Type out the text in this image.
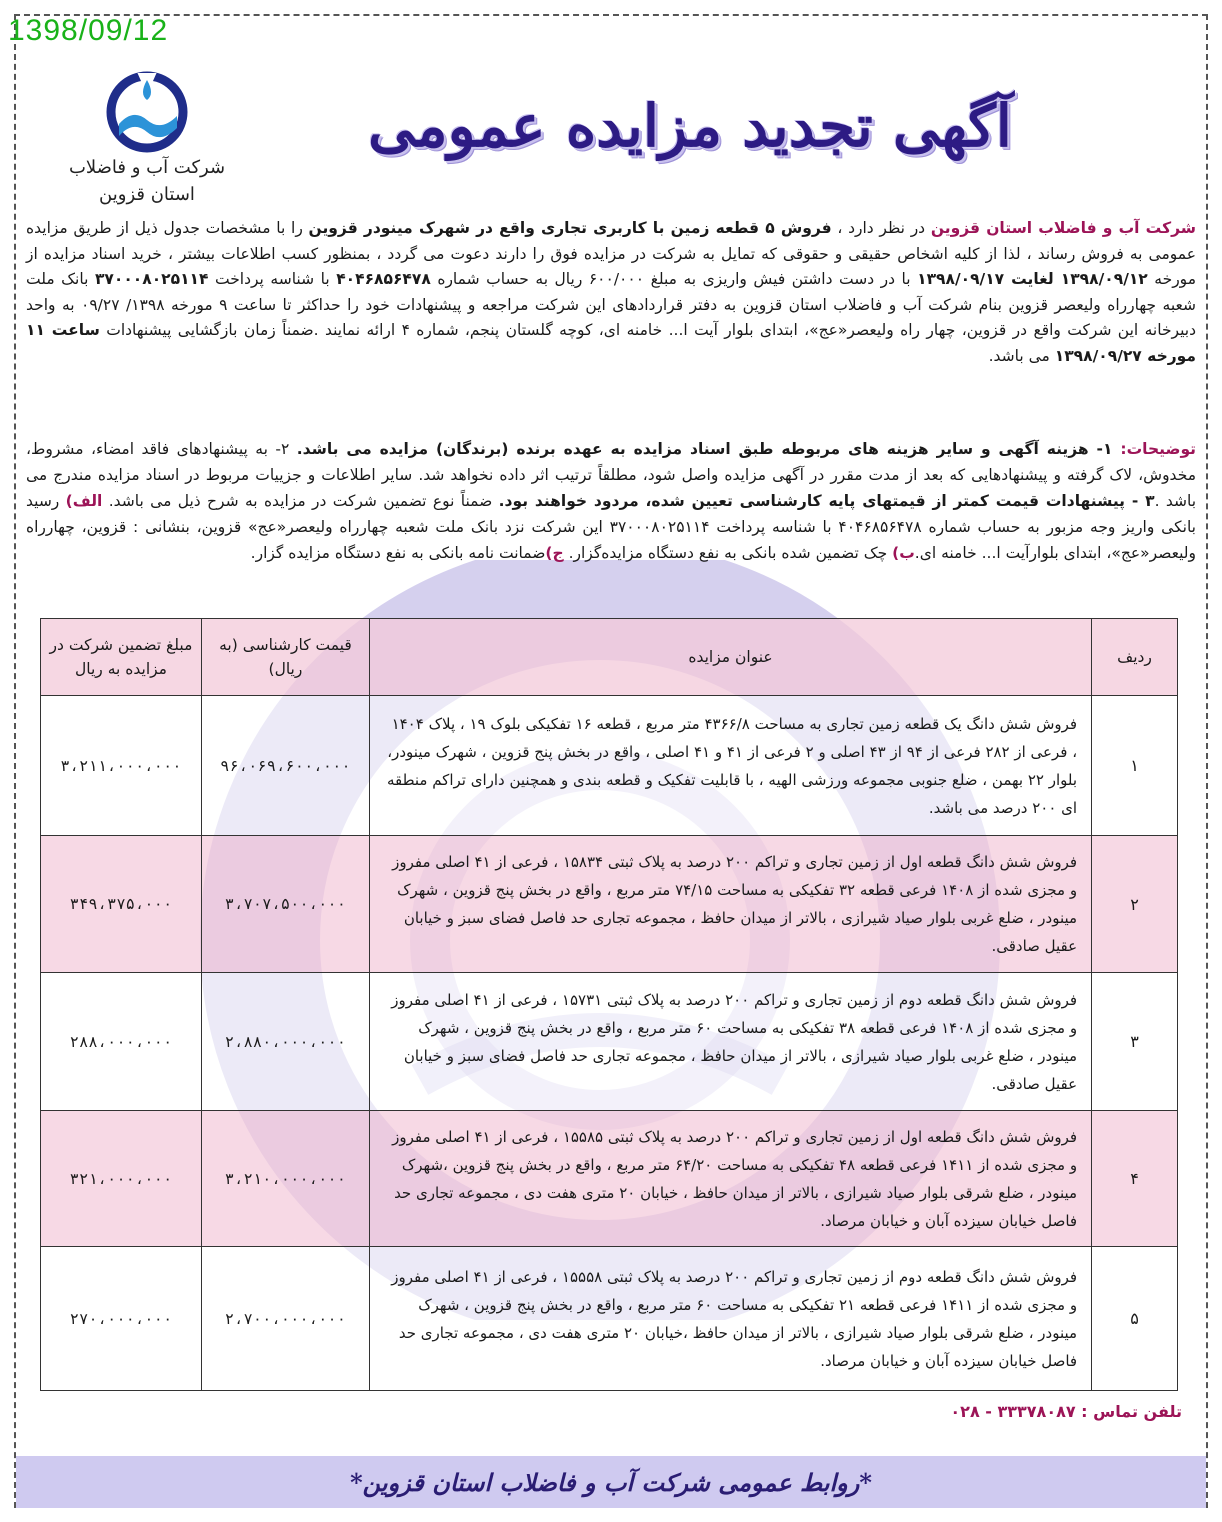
1398/09/12
شرکت آب و فاضلاب
استان قزوین
آگهی تجدید مزایده عمومی
شرکت آب و فاضلاب استان قزوین در نظر دارد ، فروش ۵ قطعه زمین با کاربری تجاری واقع در شهرک مینودر قزوین را با مشخصات جدول ذیل از طریق مزایده عمومی به فروش رساند ، لذا از کلیه اشخاص حقیقی و حقوقی که تمایل به شرکت در مزایده فوق را دارند دعوت می گردد ، بمنظور کسب اطلاعات بیشتر ، خرید اسناد مزایده از مورخه ۱۳۹۸/۰۹/۱۲ لغایت ۱۳۹۸/۰۹/۱۷ با در دست داشتن فیش واریزی به مبلغ ۶۰۰/۰۰۰ ریال به حساب شماره ۴۰۴۶۸۵۶۴۷۸ با شناسه پرداخت ۳۷۰۰۰۸۰۲۵۱۱۴ بانک ملت شعبه چهارراه ولیعصر قزوین بنام شرکت آب و فاضلاب استان قزوین به دفتر قراردادهای این شرکت مراجعه و پیشنهادات خود را حداکثر تا ساعت ۹ مورخه ۱۳۹۸/ ۰۹/۲۷ به واحد دبیرخانه این شرکت واقع در قزوین، چهار راه ولیعصر«عج»، ابتدای بلوار آیت ا... خامنه ای، کوچه گلستان پنجم، شماره ۴ ارائه نمایند .ضمناً زمان بازگشایی پیشنهادات ساعت ۱۱ مورخه ۱۳۹۸/۰۹/۲۷ می باشد.
توضیحات: ۱- هزینه آگهی و سایر هزینه های مربوطه طبق اسناد مزایده به عهده برنده (برندگان) مزایده می باشد. ۲- به پیشنهادهای فاقد امضاء، مشروط، مخدوش، لاک گرفته و پیشنهادهایی که بعد از مدت مقرر در آگهی مزایده واصل شود، مطلقاً ترتیب اثر داده نخواهد شد. سایر اطلاعات و جزییات مربوط در اسناد مزایده مندرج می باشد .۳ - پیشنهادات قیمت کمتر از قیمتهای پایه کارشناسی تعیین شده، مردود خواهند بود. ضمناً نوع تضمین شرکت در مزایده به شرح ذیل می باشد. الف) رسید بانکی واریز وجه مزبور به حساب شماره ۴۰۴۶۸۵۶۴۷۸ با شناسه پرداخت ۳۷۰۰۰۸۰۲۵۱۱۴ این شرکت نزد بانک ملت شعبه چهارراه ولیعصر«عج» قزوین، بنشانی : قزوین، چهارراه ولیعصر«عج»، ابتدای بلوارآیت ا... خامنه ای.ب) چک تضمین شده بانکی به نفع دستگاه مزایده‌گزار. ج)ضمانت نامه بانکی به نفع دستگاه مزایده گزار.
ردیف	عنوان مزایده	قیمت کارشناسی (به ریال)	مبلغ تضمین شرکت در مزایده به ریال
۱	فروش شش دانگ یک قطعه زمین تجاری به مساحت ۴۳۶۶/۸ متر مربع ، قطعه ۱۶ تفکیکی بلوک ۱۹ ، پلاک ۱۴۰۴ ، فرعی از ۲۸۲ فرعی از ۹۴ از ۴۳ اصلی و ۲ فرعی از ۴۱ و ۴۱ اصلی ، واقع در بخش پنج قزوین ، شهرک مینودر، بلوار ۲۲ بهمن ، ضلع جنوبی مجموعه ورزشی الهیه ، با قابلیت تفکیک و قطعه بندی و همچنین دارای تراکم منطقه ای ۲۰۰ درصد می باشد.	۹۶،۰۶۹،۶۰۰،۰۰۰	۳،۲۱۱،۰۰۰،۰۰۰
۲	فروش شش دانگ قطعه اول از زمین تجاری و تراکم ۲۰۰ درصد به پلاک ثبتی ۱۵۸۳۴ ، فرعی از ۴۱ اصلی مفروز و مجزی شده از ۱۴۰۸ فرعی قطعه ۳۲ تفکیکی به مساحت ۷۴/۱۵ متر مربع ، واقع در بخش پنج قزوین ، شهرک مینودر ، ضلع غربی بلوار صیاد شیرازی ، بالاتر از میدان حافظ ، مجموعه تجاری حد فاصل فضای سبز و خیابان عقیل صادقی.	۳،۷۰۷،۵۰۰،۰۰۰	۳۴۹،۳۷۵،۰۰۰
۳	فروش شش دانگ قطعه دوم از زمین تجاری و تراکم ۲۰۰ درصد به پلاک ثبتی ۱۵۷۳۱ ، فرعی از ۴۱ اصلی مفروز و مجزی شده از ۱۴۰۸ فرعی قطعه ۳۸ تفکیکی به مساحت ۶۰ متر مربع ، واقع در بخش پنج قزوین ، شهرک مینودر ، ضلع غربی بلوار صیاد شیرازی ، بالاتر از میدان حافظ ، مجموعه تجاری حد فاصل فضای سبز و خیابان عقیل صادقی.	۲،۸۸۰،۰۰۰،۰۰۰	۲۸۸،۰۰۰،۰۰۰
۴	فروش شش دانگ قطعه اول از زمین تجاری و تراکم ۲۰۰ درصد به پلاک ثبتی ۱۵۵۸۵ ، فرعی از ۴۱ اصلی مفروز و مجزی شده از ۱۴۱۱ فرعی قطعه ۴۸ تفکیکی به مساحت ۶۴/۲۰ متر مربع ، واقع در بخش پنج قزوین ،شهرک مینودر ، ضلع شرقی بلوار صیاد شیرازی ، بالاتر از میدان حافظ ، خیابان ۲۰ متری هفت دی ، مجموعه تجاری حد فاصل خیابان سیزده آبان و خیابان مرصاد.	۳،۲۱۰،۰۰۰،۰۰۰	۳۲۱،۰۰۰،۰۰۰
۵	فروش شش دانگ قطعه دوم از زمین تجاری و تراکم ۲۰۰ درصد به پلاک ثبتی ۱۵۵۵۸ ، فرعی از ۴۱ اصلی مفروز و مجزی شده از ۱۴۱۱ فرعی قطعه ۲۱ تفکیکی به مساحت ۶۰ متر مربع ، واقع در بخش پنج قزوین ، شهرک مینودر ، ضلع شرقی بلوار صیاد شیرازی ، بالاتر از میدان حافظ ،خیابان ۲۰ متری هفت دی ، مجموعه تجاری حد فاصل خیابان سیزده آبان و خیابان مرصاد.	۲،۷۰۰،۰۰۰،۰۰۰	۲۷۰،۰۰۰،۰۰۰
تلفن تماس : ۳۳۳۷۸۰۸۷ - ۰۲۸
*روابط عمومی شرکت آب و فاضلاب استان قزوین*
